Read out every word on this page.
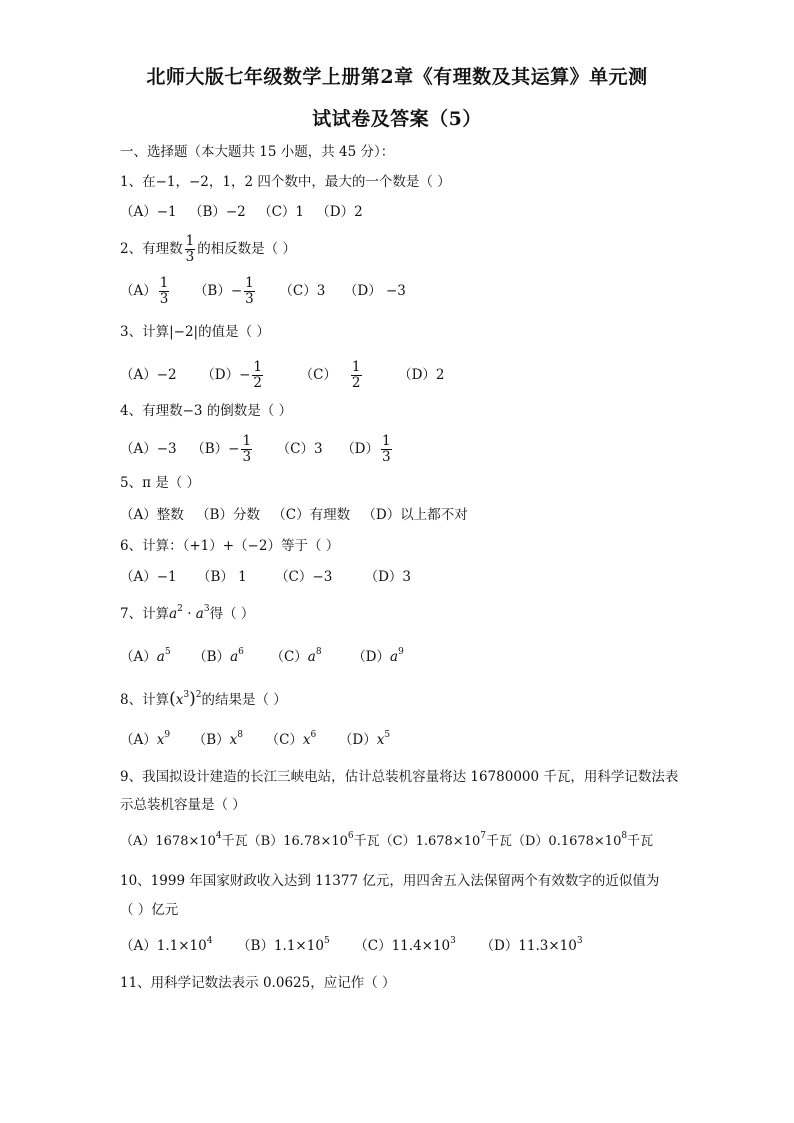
北师大版七年级数学上册第2章《有理数及其运算》单元测
试试卷及答案（5）
一、选择题（本大题共 15 小题，共 45 分）：
1、在−1，−2，1，2 四个数中，最大的一个数是（ ）
（A）−1 （B）−2 （C）1 （D）2
2、有理数 $\frac{1}{3}$ 的相反数是（ ）
$(A) \frac{1}{3} (B)- \frac{1}{3} (C)3$ （D） −3
3、计算|−2|的值是（ ）
（A）−2 $(D)- \frac{1}{2}$	$(C) \frac{1}{2}$	（D）2
4、有理数−3 的倒数是（ ）
（A）−3 $(B)- \frac{1}{3} (C)3$ $(D) \frac{1}{3}$
5、π 是（ ）
（A）整数 （B）分数 （C）有理数 （D）以上都不对
6、计算：（+1）+（−2）等于（ ）
（A）−1 （B） 1 （C）−3 （D）3
7、计算$a^2 \cdot a^3$得（ ）
$(A)a^5$ $(B)a^6$ $(C)a^8$ $(D)a^9$
8、计算$(x^3)^2$的结果是（ ）
$(A)x^9$ $(B)x^8$ $(C)x^6$ $(D)x^5$
9、我国拟设计建造的长江三峡电站，估计总装机容量将达 16780000 千瓦，用科学记数法表
示总装机容量是（ ）
$(A)1678\times 10^4$千瓦$(B)16.78\times 10^6$千瓦$(C)1.678\times 10^7$千瓦$(D)0.1678\times 10^8$千瓦
10、1999 年国家财政收入达到 11377 亿元，用四舍五入法保留两个有效数字的近似值为
（ ）亿元
$(A)1.1\times 10^4$ $(B)1.1\times 10^5$ $(C)11.4\times 10^3$ $(D)11.3\times 10^3$
11、用科学记数法表示 0.0625，应记作（ ）
